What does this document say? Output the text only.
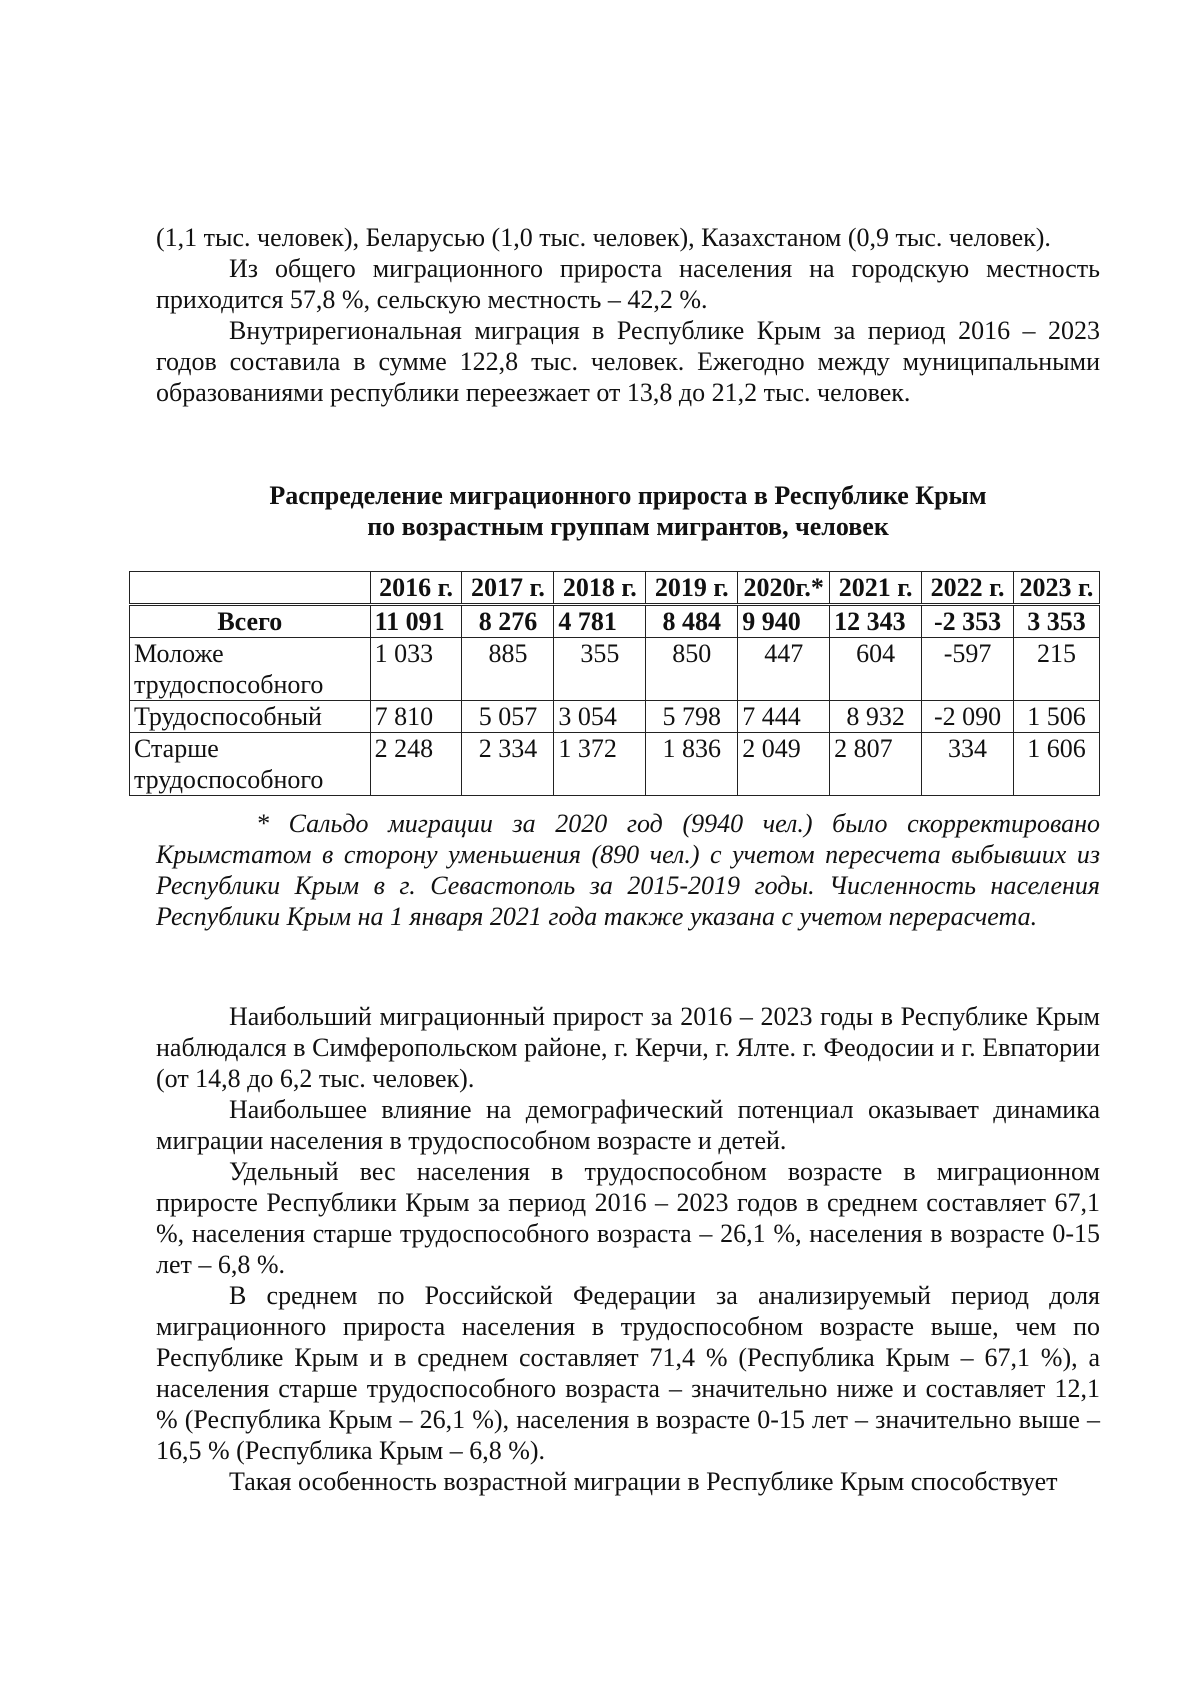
(1,1 тыс. человек), Беларусью (1,0 тыс. человек), Казахстаном (0,9 тыс. человек).

Из общего миграционного прироста населения на городскую местность приходится 57,8 %, сельскую местность – 42,2 %.

Внутрирегиональная миграция в Республике Крым за период 2016 – 2023 годов составила в сумме 122,8 тыс. человек. Ежегодно между муниципальными образованиями республики переезжает от 13,8 до 21,2 тыс. человек.

Распределение миграционного прироста в Республике Крым
по возрастным группам мигрантов, человек
	2016 г.	2017 г.	2018 г.	2019 г.	2020г.*	2021 г.	2022 г.	2023 г.
Всего	11 091	8 276	4 781	8 484	9 940	12 343	-2 353	3 353
Моложе трудоспособного	1 033	885	355	850	447	604	-597	215
Трудоспособный	7 810	5 057	3 054	5 798	7 444	8 932	-2 090	1 506
Старше трудоспособного	2 248	2 334	1 372	1 836	2 049	2 807	334	1 606

* Сальдо миграции за 2020 год (9940 чел.) было скорректировано Крымстатом в сторону уменьшения (890 чел.) с учетом пересчета выбывших из Республики Крым в г. Севастополь за 2015-2019 годы. Численность населения Республики Крым на 1 января 2021 года также указана с учетом перерасчета.

Наибольший миграционный прирост за 2016 – 2023 годы в Республике Крым наблюдался в Симферопольском районе, г. Керчи, г. Ялте. г. Феодосии и г. Евпатории (от 14,8 до 6,2 тыс. человек).

Наибольшее влияние на демографический потенциал оказывает динамика миграции населения в трудоспособном возрасте и детей.

Удельный вес населения в трудоспособном возрасте в миграционном приросте Республики Крым за период 2016 – 2023 годов в среднем составляет 67,1 %, населения старше трудоспособного возраста – 26,1 %, населения в возрасте 0-15 лет – 6,8 %.

В среднем по Российской Федерации за анализируемый период доля миграционного прироста населения в трудоспособном возрасте выше, чем по Республике Крым и в среднем составляет 71,4 % (Республика Крым – 67,1 %), а населения старше трудоспособного возраста – значительно ниже и составляет 12,1 % (Республика Крым – 26,1 %), населения в возрасте 0-15 лет – значительно выше – 16,5 % (Республика Крым – 6,8 %).

Такая особенность возрастной миграции в Республике Крым способствует
